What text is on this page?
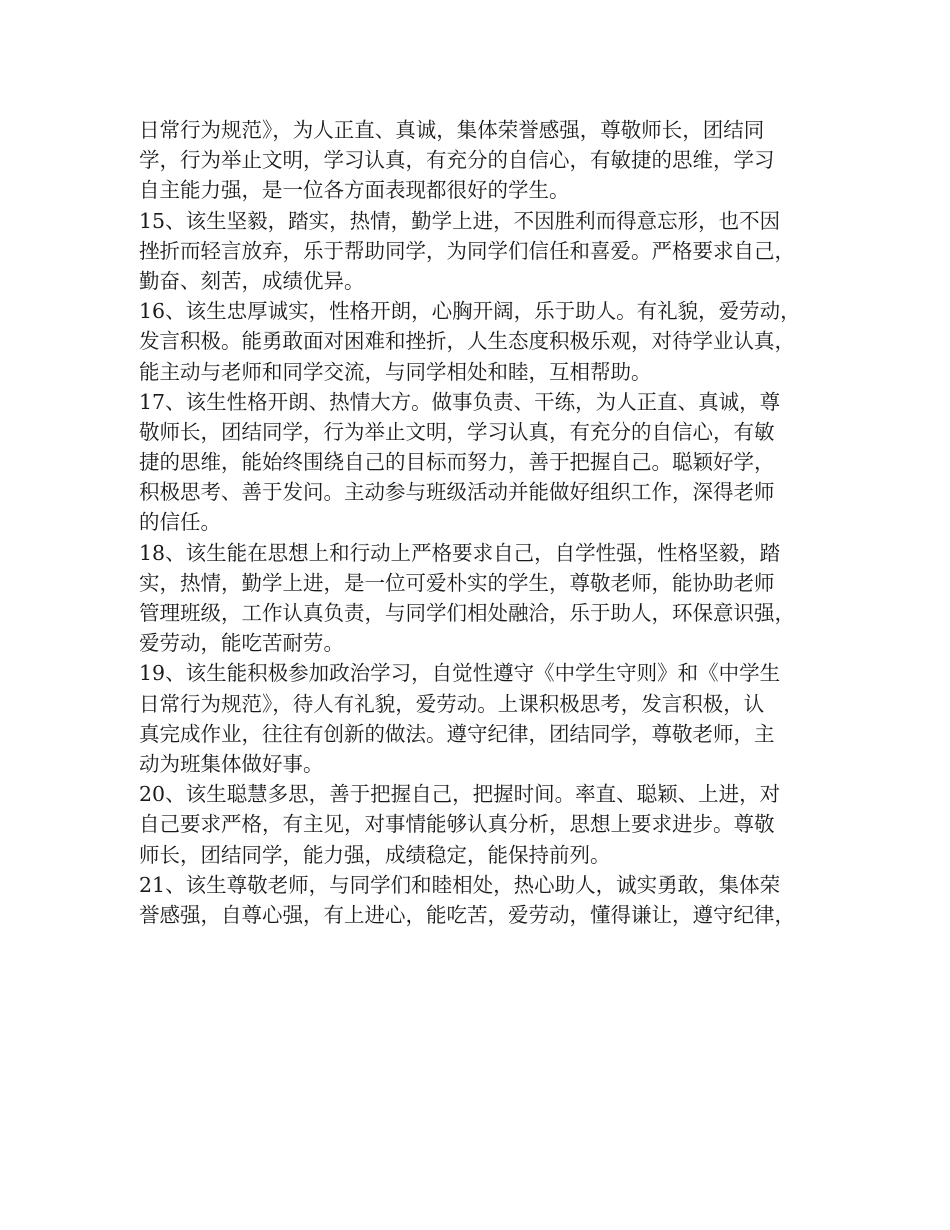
日常行为规范》，为人正直、真诚，集体荣誉感强，尊敬师长，团结同
学，行为举止文明，学习认真，有充分的自信心，有敏捷的思维，学习
自主能力强，是一位各方面表现都很好的学生。
15、该生坚毅，踏实，热情，勤学上进，不因胜利而得意忘形，也不因
挫折而轻言放弃，乐于帮助同学，为同学们信任和喜爱。严格要求自己，
勤奋、刻苦，成绩优异。
16、该生忠厚诚实，性格开朗，心胸开阔，乐于助人。有礼貌，爱劳动，
发言积极。能勇敢面对困难和挫折，人生态度积极乐观，对待学业认真，
能主动与老师和同学交流，与同学相处和睦，互相帮助。
17、该生性格开朗、热情大方。做事负责、干练，为人正直、真诚，尊
敬师长，团结同学，行为举止文明，学习认真，有充分的自信心，有敏
捷的思维，能始终围绕自己的目标而努力，善于把握自己。聪颖好学，
积极思考、善于发问。主动参与班级活动并能做好组织工作，深得老师
的信任。
18、该生能在思想上和行动上严格要求自己，自学性强，性格坚毅，踏
实，热情，勤学上进，是一位可爱朴实的学生，尊敬老师，能协助老师
管理班级，工作认真负责，与同学们相处融洽，乐于助人，环保意识强，
爱劳动，能吃苦耐劳。
19、该生能积极参加政治学习，自觉性遵守《中学生守则》和《中学生
日常行为规范》，待人有礼貌，爱劳动。上课积极思考，发言积极，认
真完成作业，往往有创新的做法。遵守纪律，团结同学，尊敬老师，主
动为班集体做好事。
20、该生聪慧多思，善于把握自己，把握时间。率直、聪颖、上进，对
自己要求严格，有主见，对事情能够认真分析，思想上要求进步。尊敬
师长，团结同学，能力强，成绩稳定，能保持前列。
21、该生尊敬老师，与同学们和睦相处，热心助人，诚实勇敢，集体荣
誉感强，自尊心强，有上进心，能吃苦，爱劳动，懂得谦让，遵守纪律，
